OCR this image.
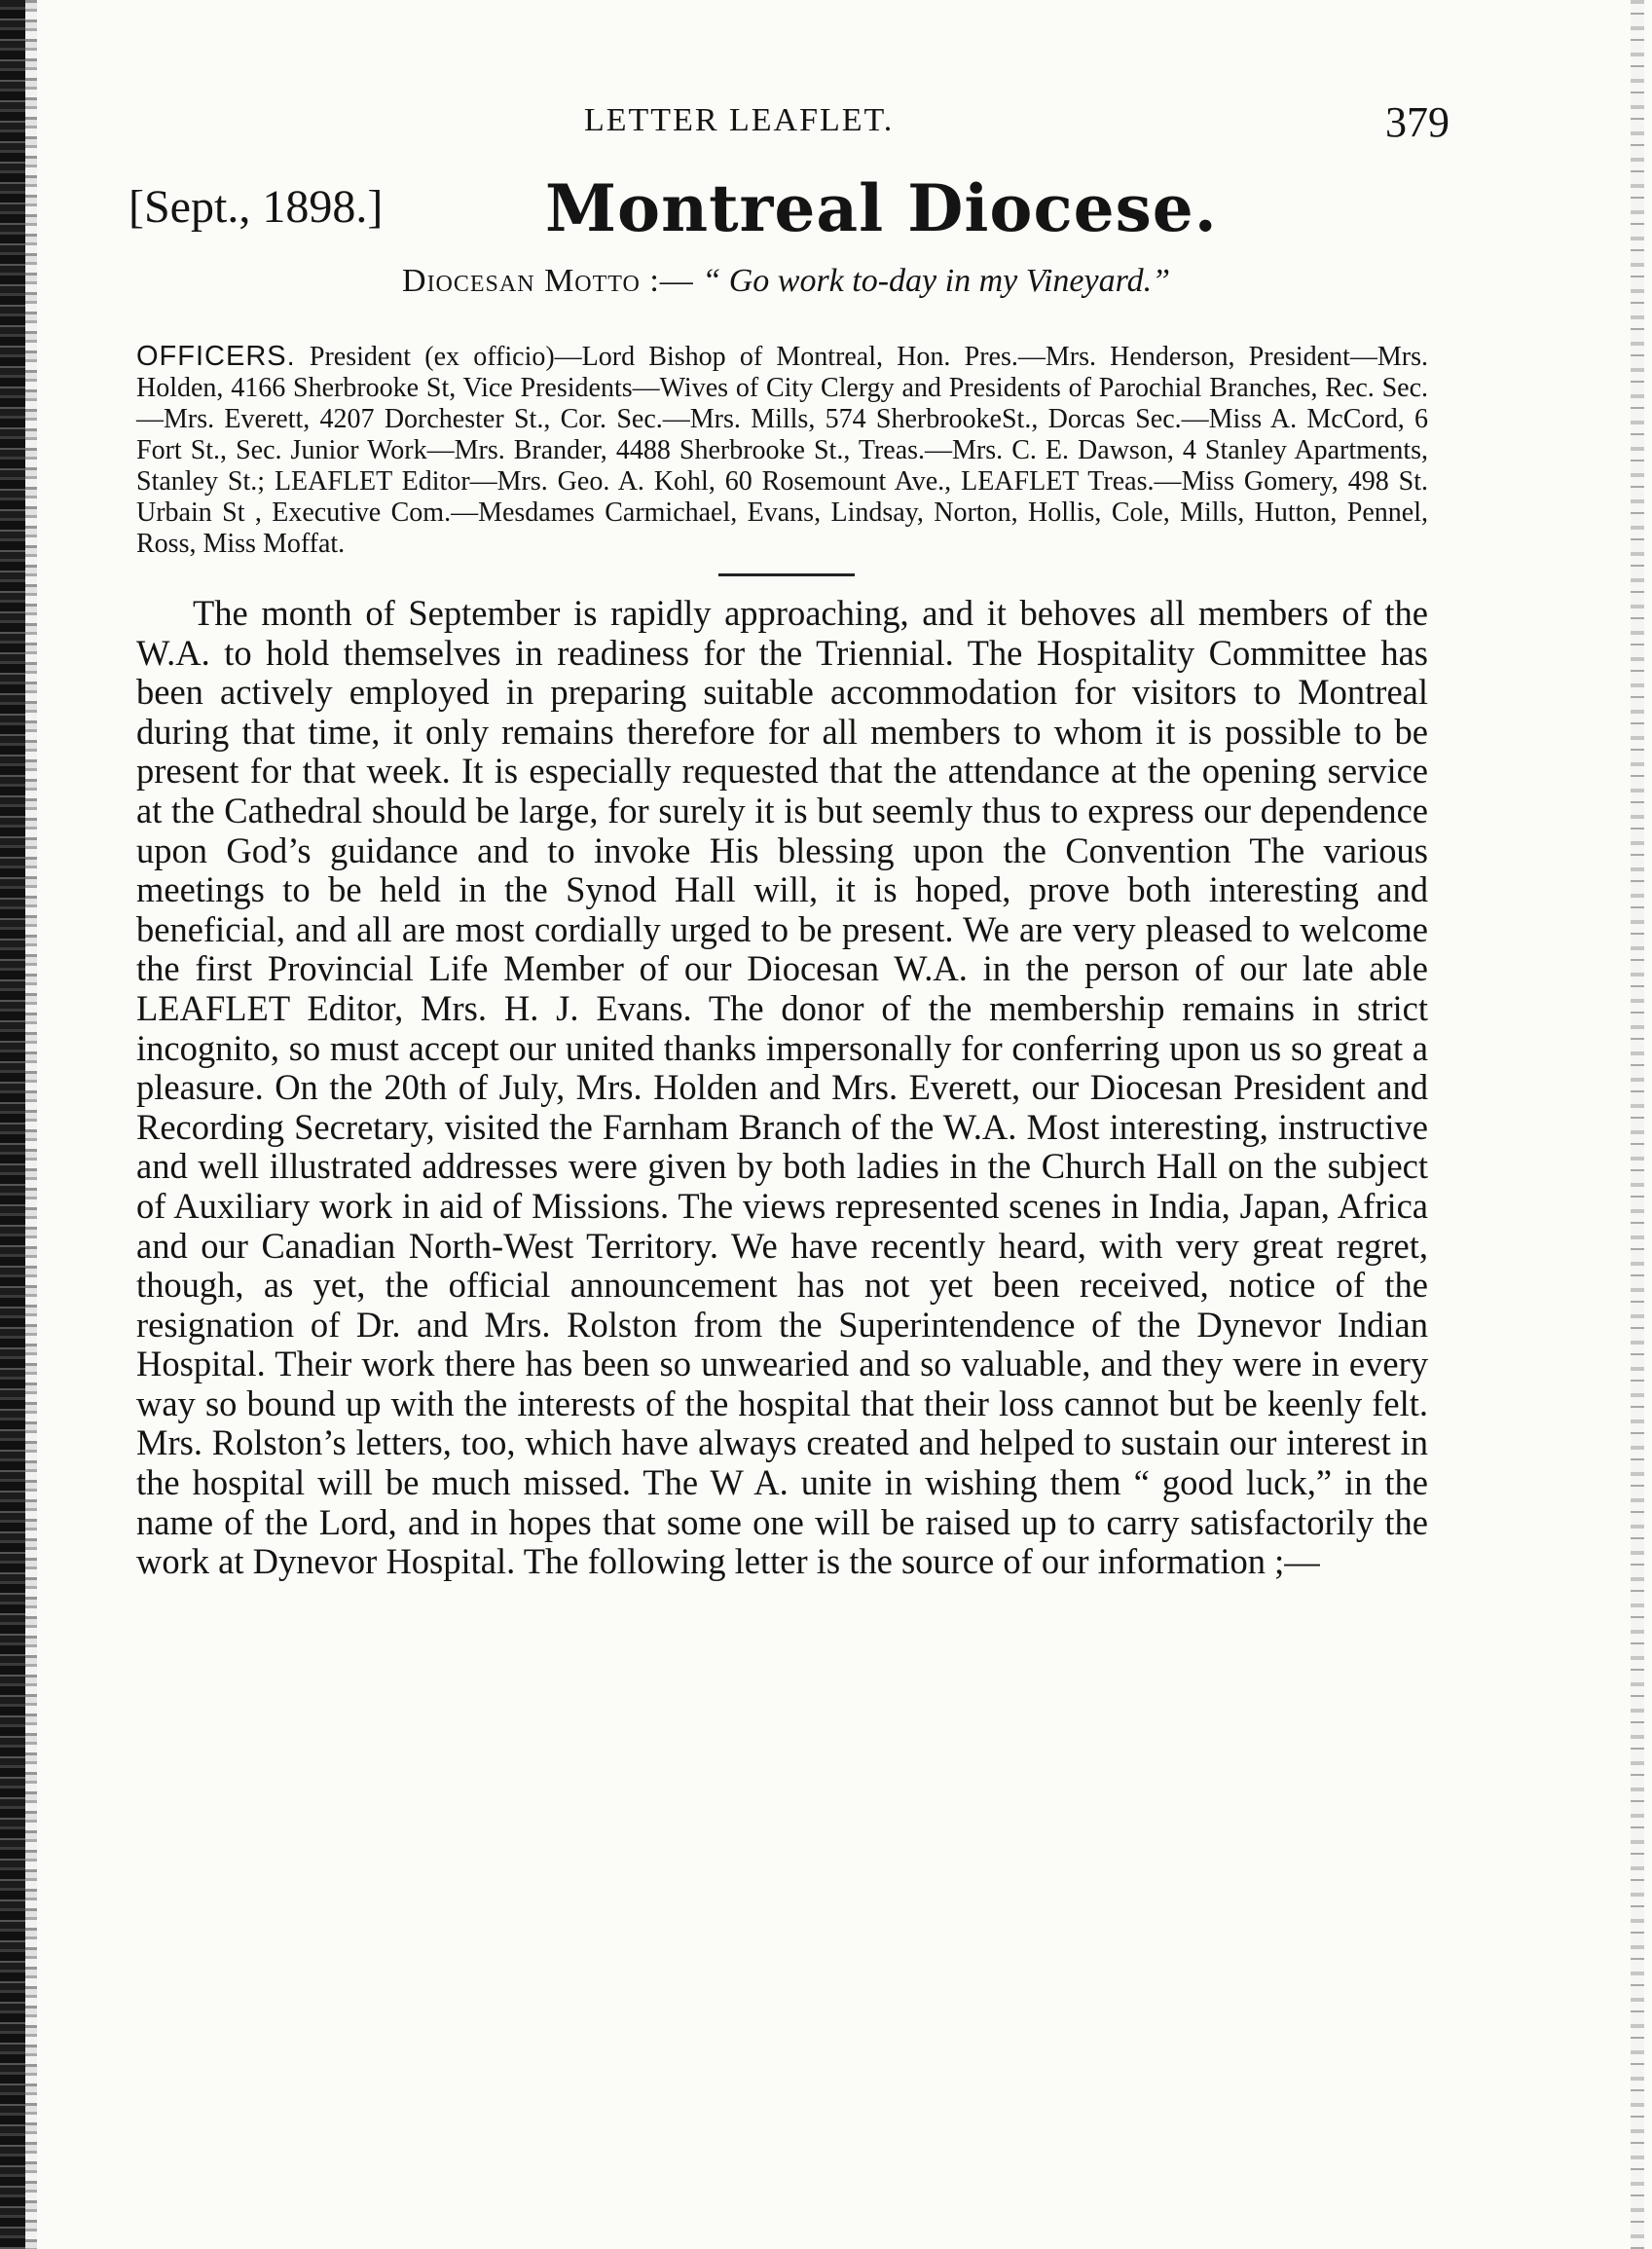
LETTER LEAFLET.	379
[Sept., 1898.]	Montreal Diocese.
Diocesan Motto :— “ Go work to-day in my Vineyard.”
OFFICERS. President (ex officio)—Lord Bishop of Montreal, Hon. Pres.—Mrs. Henderson, President—Mrs. Holden, 4166 Sherbrooke St, Vice Presidents—Wives of City Clergy and Presidents of Parochial Branches, Rec. Sec.—Mrs. Everett, 4207 Dorchester St., Cor. Sec.—Mrs. Mills, 574 SherbrookeSt., Dorcas Sec.—Miss A. McCord, 6 Fort St., Sec. Junior Work—Mrs. Brander, 4488 Sherbrooke St., Treas.—Mrs. C. E. Dawson, 4 Stanley Apartments, Stanley St.; LEAFLET Editor—Mrs. Geo. A. Kohl, 60 Rosemount Ave., LEAFLET Treas.—Miss Gomery, 498 St. Urbain St , Executive Com.—Mesdames Carmichael, Evans, Lindsay, Norton, Hollis, Cole, Mills, Hutton, Pennel, Ross, Miss Moffat.

The month of September is rapidly approaching, and it behoves all members of the W.A. to hold themselves in readiness for the Triennial. The Hospitality Committee has been actively employed in preparing suitable accommodation for visitors to Montreal during that time, it only remains therefore for all members to whom it is possible to be present for that week. It is especially requested that the attendance at the opening service at the Cathedral should be large, for surely it is but seemly thus to express our dependence upon God’s guidance and to invoke His blessing upon the Convention The various meetings to be held in the Synod Hall will, it is hoped, prove both interesting and beneficial, and all are most cordially urged to be present. We are very pleased to welcome the first Provincial Life Member of our Diocesan W.A. in the person of our late able LEAFLET Editor, Mrs. H. J. Evans. The donor of the membership remains in strict incognito, so must accept our united thanks impersonally for conferring upon us so great a pleasure. On the 20th of July, Mrs. Holden and Mrs. Everett, our Diocesan President and Recording Secretary, visited the Farnham Branch of the W.A. Most interesting, instructive and well illustrated addresses were given by both ladies in the Church Hall on the subject of Auxiliary work in aid of Missions. The views represented scenes in India, Japan, Africa and our Canadian North-West Territory. We have recently heard, with very great regret, though, as yet, the official announcement has not yet been received, notice of the resignation of Dr. and Mrs. Rolston from the Superintendence of the Dynevor Indian Hospital. Their work there has been so unwearied and so valuable, and they were in every way so bound up with the interests of the hospital that their loss cannot but be keenly felt. Mrs. Rolston’s letters, too, which have always created and helped to sustain our interest in the hospital will be much missed. The W A. unite in wishing them “ good luck,” in the name of the Lord, and in hopes that some one will be raised up to carry satisfactorily the work at Dynevor Hospital. The following letter is the source of our information ;—
